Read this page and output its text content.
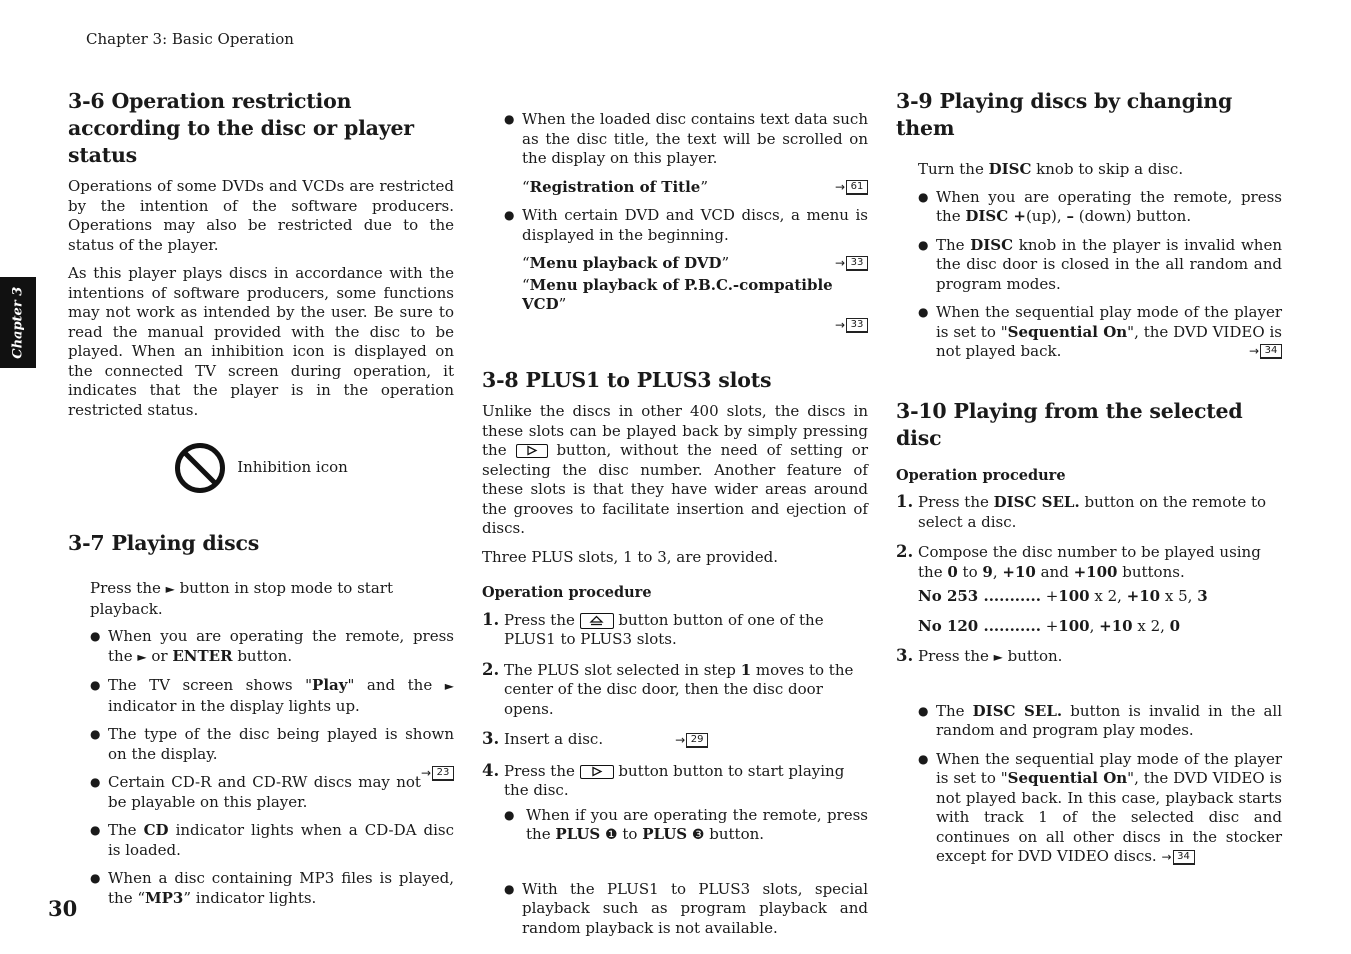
Chapter 3: Basic Operation
Chapter 3
30
3-6 Operation restriction according to the disc or player status

Operations of some DVDs and VCDs are restricted by the intention of the software producers. Operations may also be restricted due to the status of the player.

As this player plays discs in accordance with the intentions of software producers, some functions may not work as intended by the user. Be sure to read the manual provided with the disc to be played. When an inhibition icon is displayed on the connected TV screen during operation, it indicates that the player is in the operation restricted status.

Inhibition icon
3-7 Playing discs

Press the ► button in stop mode to start playback.

● When you are operating the remote, press the ► or ENTER button.
● The TV screen shows "Play" and the ► indicator in the display lights up.
● The type of the disc being played is shown on the display.
→ 23
● Certain CD-R and CD-RW discs may not be playable on this player.
● The CD indicator lights when a CD-DA disc is loaded.
● When a disc containing MP3 files is played, the “MP3” indicator lights.
● When the loaded disc contains text data such as the disc title, the text will be scrolled on the display on this player.
“Registration of Title”	→ 61
● With certain DVD and VCD discs, a menu is displayed in the beginning.
“Menu playback of DVD”	→ 33
“Menu playback of P.B.C.-compatible VCD”
→ 33
3-8 PLUS1 to PLUS3 slots

Unlike the discs in other 400 slots, the discs in these slots can be played back by simply pressing the
button, without the need of setting or selecting the disc number. Another feature of these slots is that they have wider areas around the grooves to facilitate insertion and ejection of discs.

Three PLUS slots, 1 to 3, are provided.

Operation procedure
1. Press the
button button of one of the PLUS1 to PLUS3 slots.
2. The PLUS slot selected in step 1 moves to the center of the disc door, then the disc door opens.
3. Insert a disc.	→ 29
4. Press the
button button to start playing the disc.
● When if you are operating the remote, press the PLUS ❶ to PLUS ❸ button.
● With the PLUS1 to PLUS3 slots, special playback such as program playback and random playback is not available.
3-9 Playing discs by changing them

Turn the DISC knob to skip a disc.

● When you are operating the remote, press the DISC +(up), – (down) button.
● The DISC knob in the player is invalid when the disc door is closed in the all random and program modes.
● When the sequential play mode of the player is set to "Sequential On", the DVD VIDEO is not played back.	→ 34
3-10 Playing from the selected disc
Operation procedure
1. Press the DISC SEL. button on the remote to select a disc.
2. Compose the disc number to be played using the 0 to 9, +10 and +100 buttons.
No 253 ........... +100 x 2, +10 x 5, 3
No 120 ........... +100, +10 x 2, 0
3. Press the ► button.
● The DISC SEL. button is invalid in the all random and program play modes.
● When the sequential play mode of the player is set to "Sequential On", the DVD VIDEO is not played back. In this case, playback starts with track 1 of the selected disc and continues on all other discs in the stocker except for DVD VIDEO discs. → 34
